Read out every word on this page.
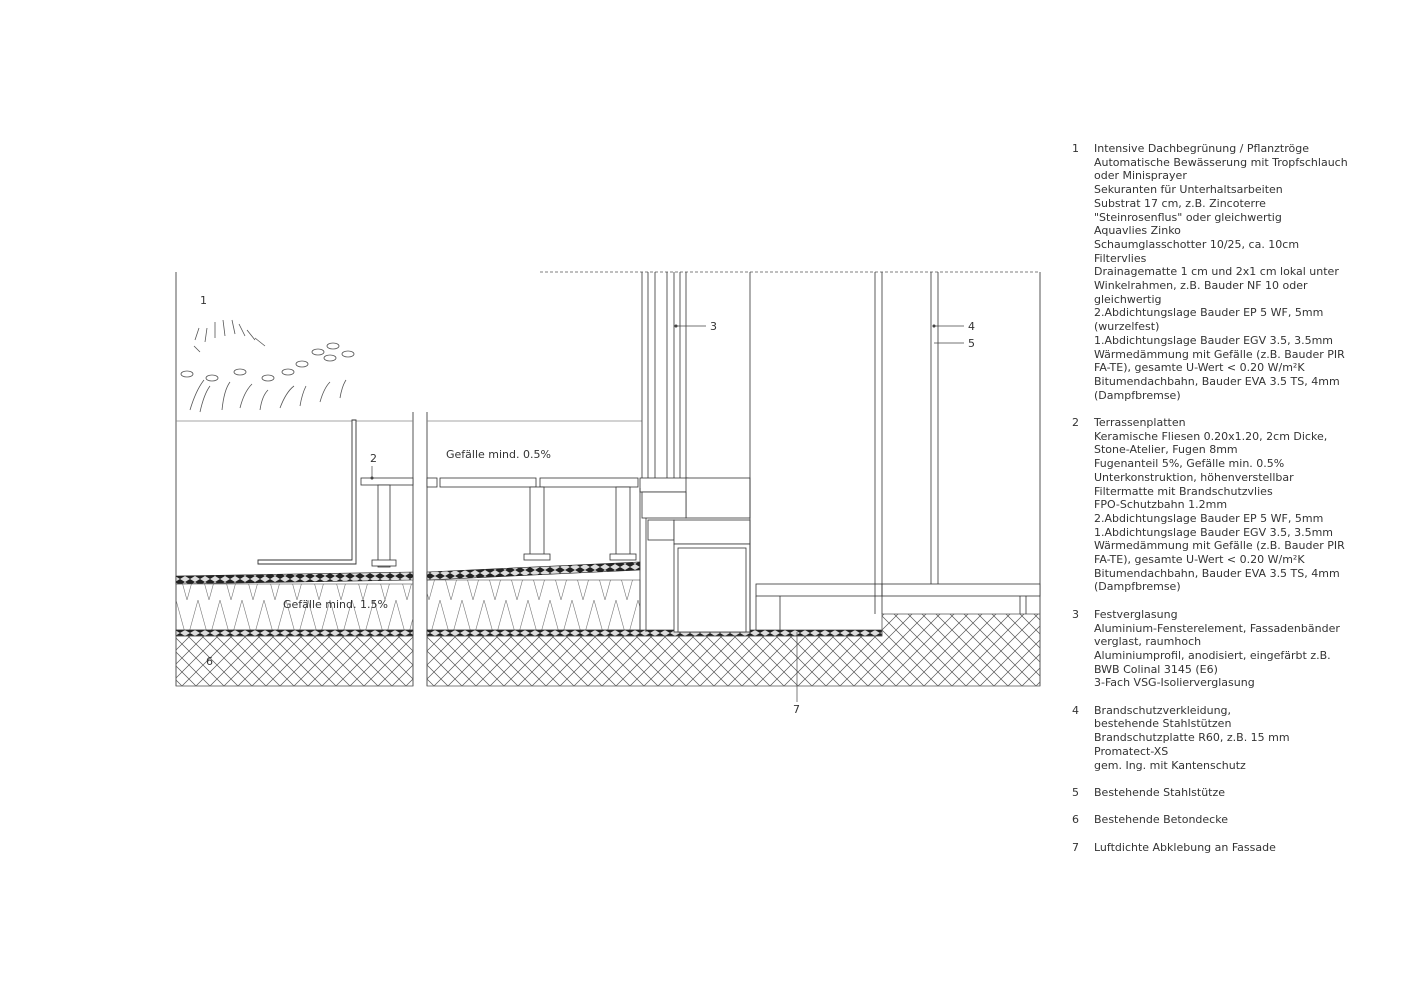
1
2
3	4
5
6
7
Gefälle mind. 0.5%
Gefälle mind. 1.5%
1	Intensive Dachbegrünung / Pflanztröge
Automatische Bewässerung mit Tropfschlauch
oder Minisprayer
Sekuranten für Unterhaltsarbeiten
Substrat 17 cm, z.B. Zincoterre
"Steinrosenflus" oder gleichwertig
Aquavlies Zinko
Schaumglasschotter 10/25, ca. 10cm
Filtervlies
Drainagematte 1 cm und 2x1 cm lokal unter
Winkelrahmen, z.B. Bauder NF 10 oder
gleichwertig
2.Abdichtungslage Bauder EP 5 WF, 5mm
(wurzelfest)
1.Abdichtungslage Bauder EGV 3.5, 3.5mm
Wärmedämmung mit Gefälle (z.B. Bauder PIR
FA-TE), gesamte U-Wert < 0.20 W/m²K
Bitumendachbahn, Bauder EVA 3.5 TS, 4mm
(Dampfbremse)
2	Terrassenplatten
Keramische Fliesen 0.20x1.20, 2cm Dicke,
Stone-Atelier, Fugen 8mm
Fugenanteil 5%, Gefälle min. 0.5%
Unterkonstruktion, höhenverstellbar
Filtermatte mit Brandschutzvlies
FPO-Schutzbahn 1.2mm
2.Abdichtungslage Bauder EP 5 WF, 5mm
1.Abdichtungslage Bauder EGV 3.5, 3.5mm
Wärmedämmung mit Gefälle (z.B. Bauder PIR
FA-TE), gesamte U-Wert < 0.20 W/m²K
Bitumendachbahn, Bauder EVA 3.5 TS, 4mm
(Dampfbremse)
3	Festverglasung
Aluminium-Fensterelement, Fassadenbänder
verglast, raumhoch
Aluminiumprofil, anodisiert, eingefärbt z.B.
BWB Colinal 3145 (E6)
3-Fach VSG-Isolierverglasung
4	Brandschutzverkleidung,
bestehende Stahlstützen
Brandschutzplatte R60, z.B. 15 mm
Promatect-XS
gem. Ing. mit Kantenschutz
5	Bestehende Stahlstütze
6	Bestehende Betondecke
7	Luftdichte Abklebung an Fassade
